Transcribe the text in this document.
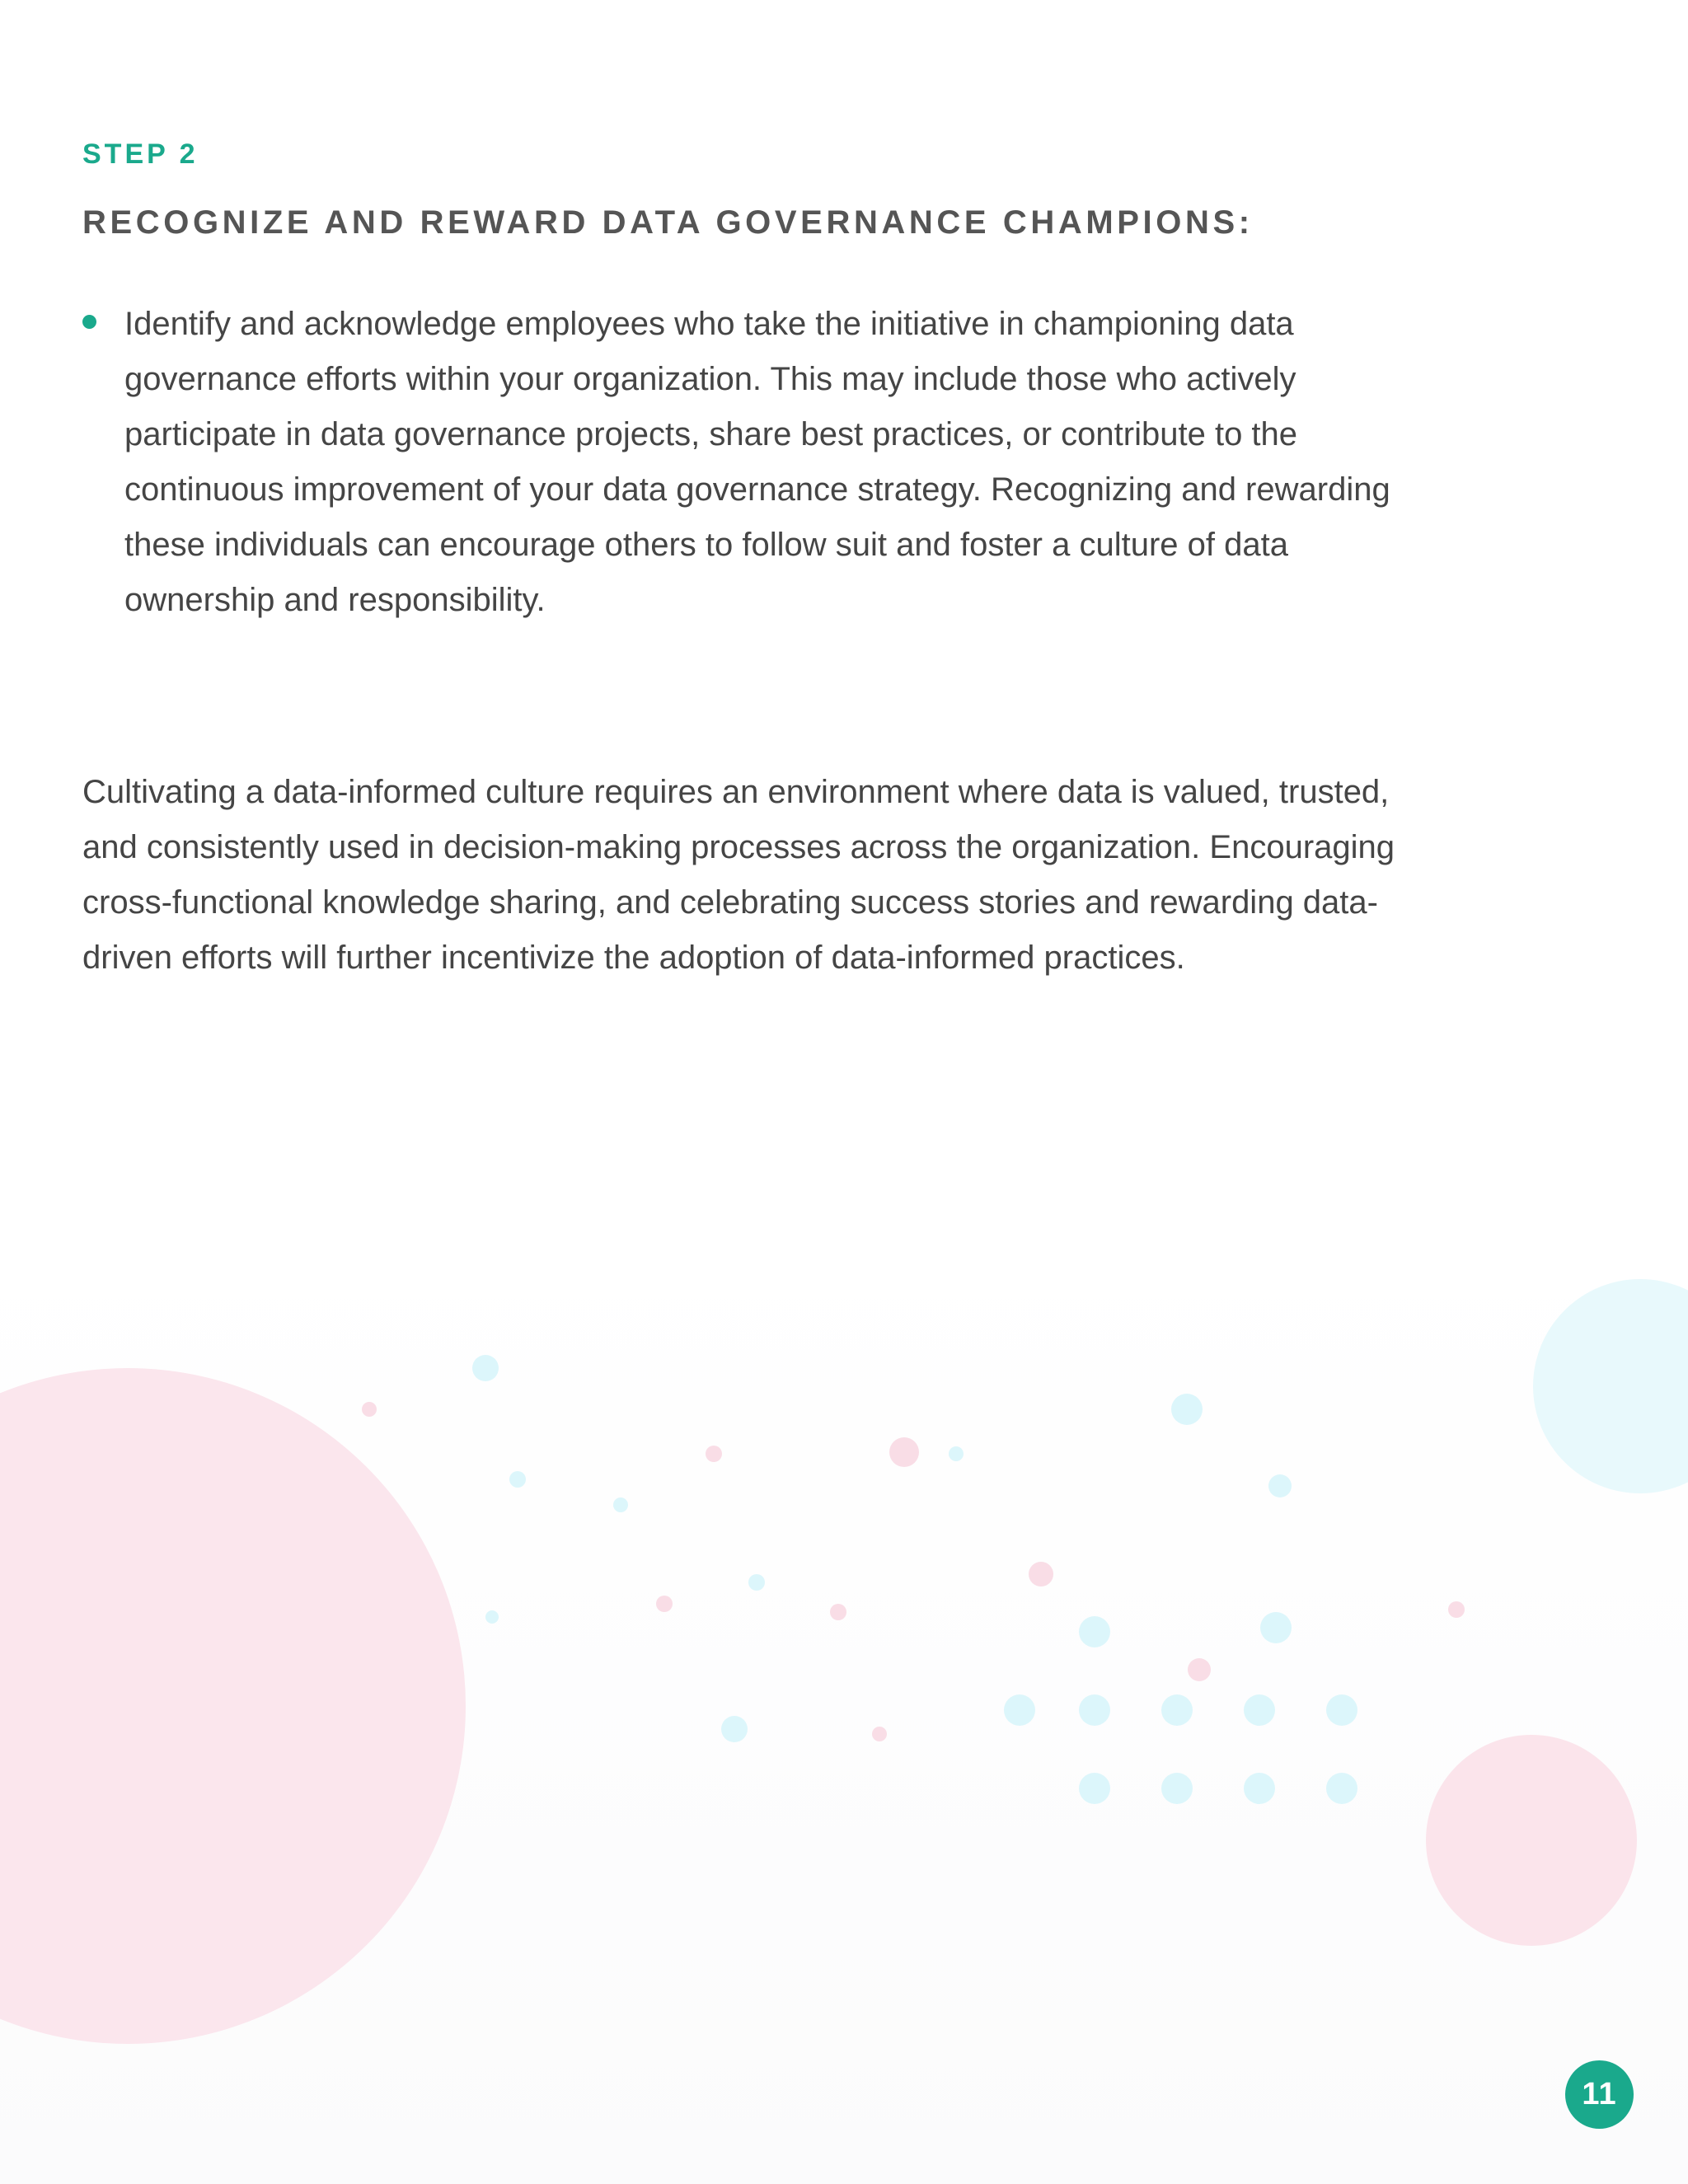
STEP 2
RECOGNIZE AND REWARD DATA GOVERNANCE CHAMPIONS:
Identify and acknowledge employees who take the initiative in championing data
governance efforts within your organization. This may include those who actively
participate in data governance projects, share best practices, or contribute to the
continuous improvement of your data governance strategy. Recognizing and rewarding
these individuals can encourage others to follow suit and foster a culture of data
ownership and responsibility.
Cultivating a data-informed culture requires an environment where data is valued, trusted,
and consistently used in decision-making processes across the organization. Encouraging
cross-functional knowledge sharing, and celebrating success stories and rewarding data-
driven efforts will further incentivize the adoption of data-informed practices.
11
